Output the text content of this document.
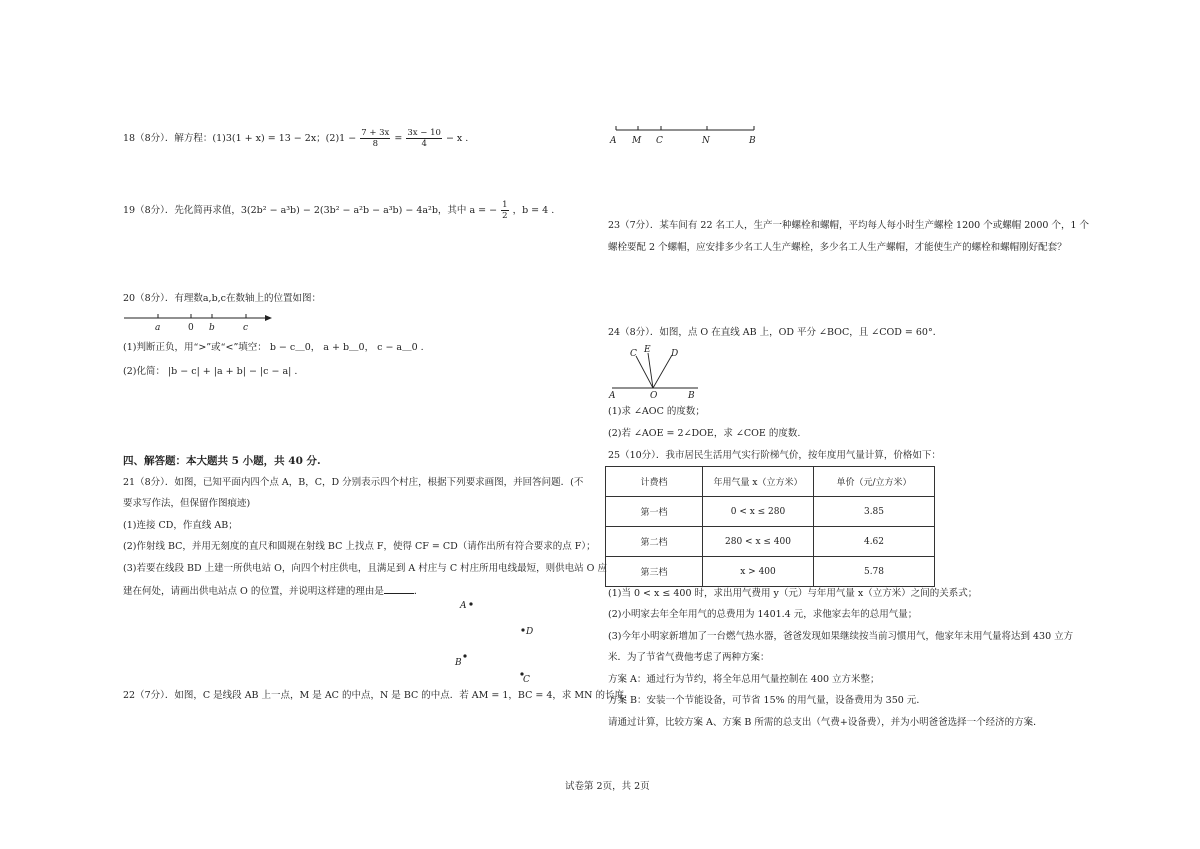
18（8分）．解方程：(1)3(1 + x) = 13 − 2x；$(2)1 - \frac{7 + 3x}{8} = \frac{3x - 10}{4} - x$ .
19（8分）．先化简再求值，3(2b² − a³b) − 2(3b² − a²b − a³b) − 4a²b，其中 a = − $\frac{1}{2}$ ，b = 4 .
20（8分）．有理数a,b,c在数轴上的位置如图：
a	0 b	c
(1)判断正负，用“>”或“<”填空： b − c＿0， a + b＿0， c − a＿0 .
(2)化简： |b − c| + |a + b| − |c − a| .
四、解答题：本大题共 5 小题，共 40 分.
21（8分）．如图，已知平面内四个点 A，B，C，D 分别表示四个村庄，根据下列要求画图，并回答问题．(不
要求写作法，但保留作图痕迹)
(1)连接 CD，作直线 AB；
(2)作射线 BC，并用无刻度的直尺和圆规在射线 BC 上找点 F，使得 CF = CD（请作出所有符合要求的点 F）；
(3)若要在线段 BD 上建一所供电站 O，向四个村庄供电，且满足到 A 村庄与 C 村庄所用电线最短，则供电站 O 应
建在何处，请画出供电站点 O 的位置，并说明这样建的理由是	．
A
D
B
C
22（7分）．如图，C 是线段 AB 上一点，M 是 AC 的中点，N 是 BC 的中点．若 AM = 1，BC = 4，求 MN 的长度．
A M C	N	B
23（7分）．某车间有 22 名工人，生产一种螺栓和螺帽，平均每人每小时生产螺栓 1200 个或螺帽 2000 个，1 个
螺栓要配 2 个螺帽，应安排多少名工人生产螺栓，多少名工人生产螺帽，才能使生产的螺栓和螺帽刚好配套？
24（8分）．如图，点 O 在直线 AB 上，OD 平分 ∠BOC，且 ∠COD = 60°．
C E D
A	O	B
(1)求 ∠AOC 的度数；
(2)若 ∠AOE = 2∠DOE，求 ∠COE 的度数.
25（10分）．我市居民生活用气实行阶梯气价，按年度用气量计算，价格如下：
计费档	年用气量 x（立方米）	单价（元/立方米）
第一档	0 < x ≤ 280	3.85
第二档	280 < x ≤ 400	4.62
第三档	x > 400	5.78
(1)当 0 < x ≤ 400 时，求出用气费用 y（元）与年用气量 x（立方米）之间的关系式；
(2)小明家去年全年用气的总费用为 1401.4 元，求他家去年的总用气量；
(3)今年小明家新增加了一台燃气热水器，爸爸发现如果继续按当前习惯用气，他家年末用气量将达到 430 立方
米．为了节省气费他考虑了两种方案：
方案 A：通过行为节约，将全年总用气量控制在 400 立方米整；
方案 B：安装一个节能设备，可节省 15% 的用气量，设备费用为 350 元．
请通过计算，比较方案 A、方案 B 所需的总支出（气费+设备费），并为小明爸爸选择一个经济的方案．
试卷第 2页，共 2页
